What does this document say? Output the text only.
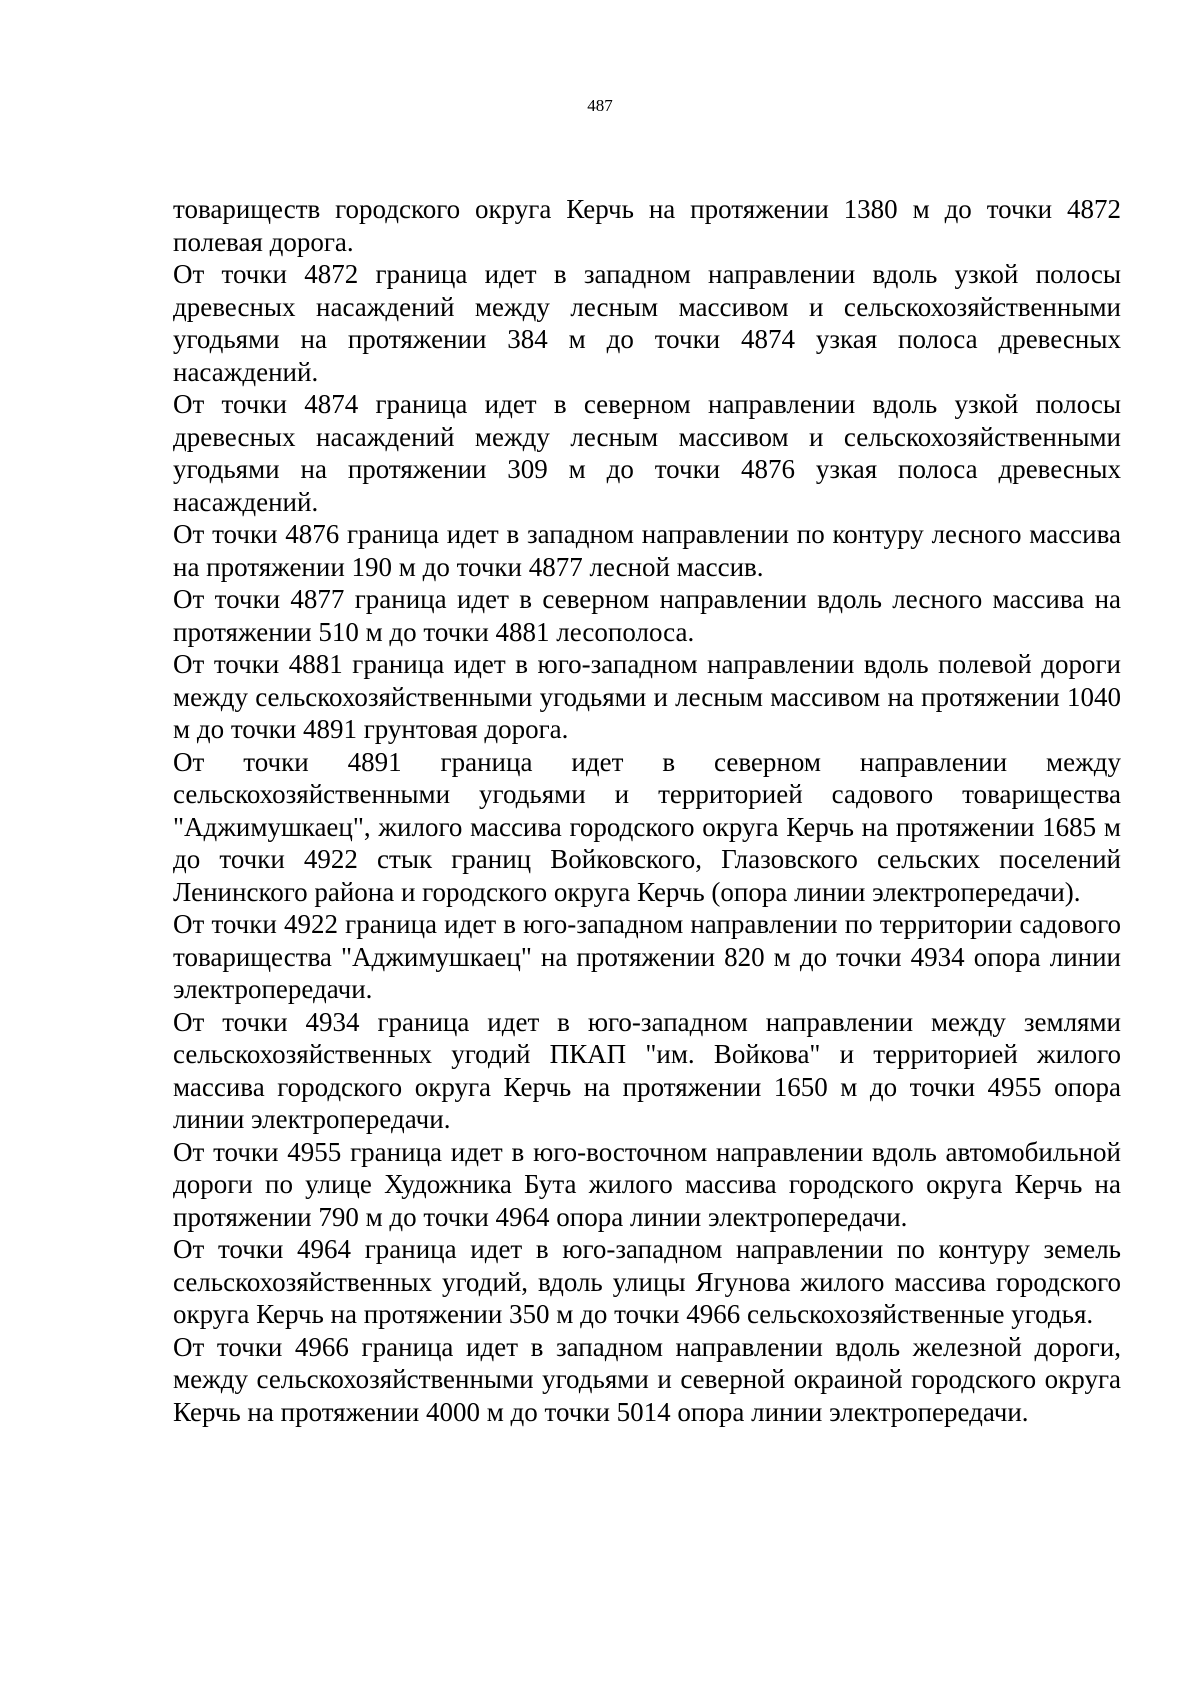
487

товариществ городского округа Керчь на протяжении 1380 м до точки 4872 полевая дорога.

От точки 4872 граница идет в западном направлении вдоль узкой полосы древесных насаждений между лесным массивом и сельскохозяйственными угодьями на протяжении 384 м до точки 4874 узкая полоса древесных насаждений.

От точки 4874 граница идет в северном направлении вдоль узкой полосы древесных насаждений между лесным массивом и сельскохозяйственными угодьями на протяжении 309 м до точки 4876 узкая полоса древесных насаждений.

От точки 4876 граница идет в западном направлении по контуру лесного массива на протяжении 190 м до точки 4877 лесной массив.

От точки 4877 граница идет в северном направлении вдоль лесного массива на протяжении 510 м до точки 4881 лесополоса.

От точки 4881 граница идет в юго-западном направлении вдоль полевой дороги между сельскохозяйственными угодьями и лесным массивом на протяжении 1040 м до точки 4891 грунтовая дорога.

От точки 4891 граница идет в северном направлении между сельскохозяйственными угодьями и территорией садового товарищества "Аджимушкаец", жилого массива городского округа Керчь на протяжении 1685 м до точки 4922 стык границ Войковского, Глазовского сельских поселений Ленинского района и городского округа Керчь (опора линии электропередачи).

От точки 4922 граница идет в юго-западном направлении по территории садового товарищества "Аджимушкаец" на протяжении 820 м до точки 4934 опора линии электропередачи.

От точки 4934 граница идет в юго-западном направлении между землями сельскохозяйственных угодий ПКАП "им. Войкова" и территорией жилого массива городского округа Керчь на протяжении 1650 м до точки 4955 опора линии электропередачи.

От точки 4955 граница идет в юго-восточном направлении вдоль автомобильной дороги по улице Художника Бута жилого массива городского округа Керчь на протяжении 790 м до точки 4964 опора линии электропередачи.

От точки 4964 граница идет в юго-западном направлении по контуру земель сельскохозяйственных угодий, вдоль улицы Ягунова жилого массива городского округа Керчь на протяжении 350 м до точки 4966 сельскохозяйственные угодья.

От точки 4966 граница идет в западном направлении вдоль железной дороги, между сельскохозяйственными угодьями и северной окраиной городского округа Керчь на протяжении 4000 м до точки 5014 опора линии электропередачи.
